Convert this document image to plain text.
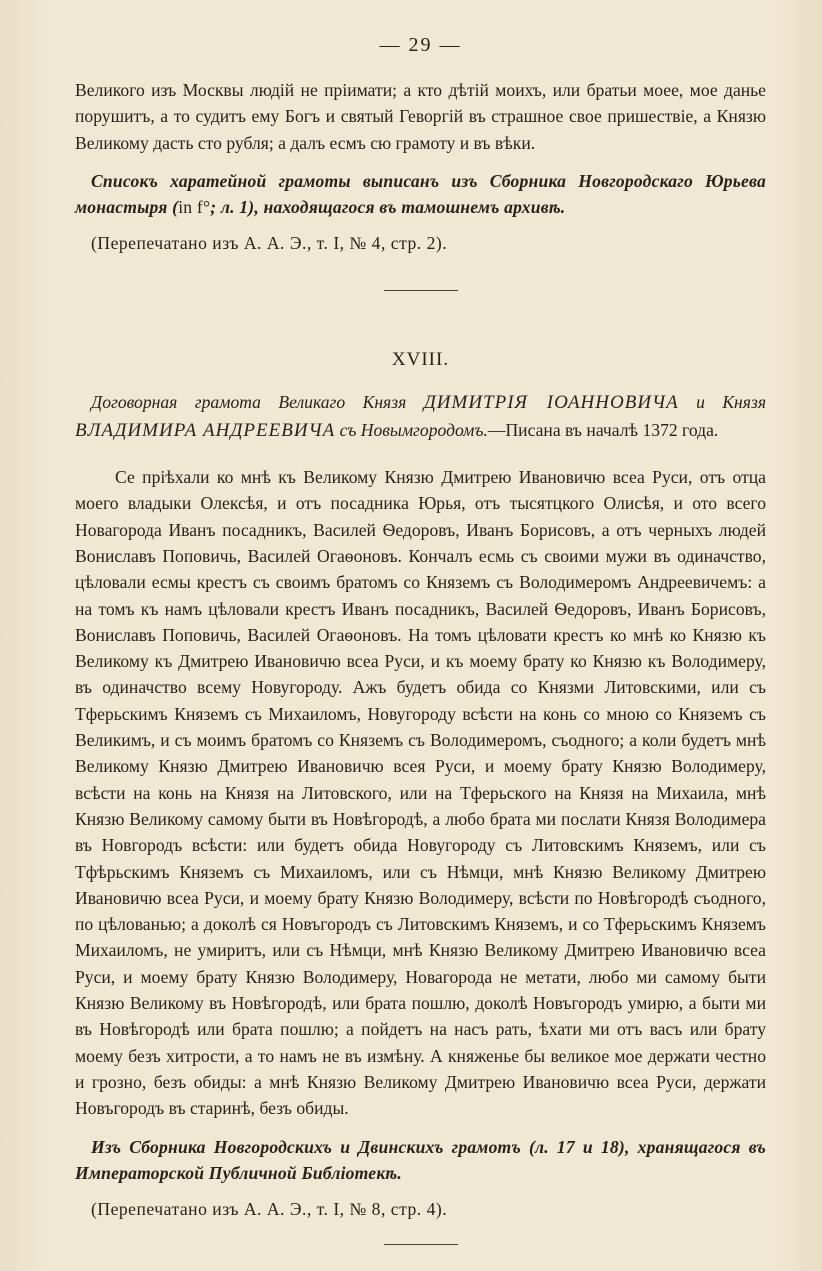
— 29 —

Великого изъ Москвы людій не пріимати; а кто дѣтій моихъ, или братьи моее, мое данье порушитъ, а то судитъ ему Богъ и святый Геворгій въ страшное свое пришествіе, а Князю Великому дасть сто рубля; а далъ есмъ сю грамоту и въ вѣки.

Списокъ харатейной грамоты выписанъ изъ Сборника Новгородскаго Юрьева монастыря (in f°; л. 1), находящагося въ тамошнемъ архивѣ.

(Перепечатано изъ А. А. Э., т. I, № 4, стр. 2).

XVIII.

Договорная грамота Великаго Князя ДИМИТРІЯ ІОАННОВИЧА и Князя ВЛАДИМИРА АНДРЕЕВИЧА съ Новымгородомъ.—Писана въ началѣ 1372 года.

Се пріѣхали ко мнѣ къ Великому Князю Дмитрею Ивановичю всеа Руси, отъ отца моего владыки Олексѣя, и отъ посадника Юрья, отъ тысятцкого Олисѣя, и ото всего Новагорода Иванъ посадникъ, Василей Ѳедоровъ, Иванъ Борисовъ, а отъ черныхъ людей Вониславъ Поповичь, Василей Огаѳоновъ. Кончалъ есмь съ своими мужи въ одиначство, цѣловали есмы крестъ съ своимъ братомъ со Княземъ съ Володимеромъ Андреевичемъ: а на томъ къ намъ цѣловали крестъ Иванъ посадникъ, Василей Ѳедоровъ, Иванъ Борисовъ, Вониславъ Поповичь, Василей Огаѳоновъ. На томъ цѣловати крестъ ко мнѣ ко Князю къ Великому къ Дмитрею Ивановичю всеа Руси, и къ моему брату ко Князю къ Володимеру, въ одиначство всему Новугороду. Ажъ будетъ обида со Князми Литовскими, или съ Тферьскимъ Княземъ съ Михаиломъ, Новугороду всѣсти на конь со мною со Княземъ съ Великимъ, и съ моимъ братомъ со Княземъ съ Володимеромъ, съодного; а коли будетъ мнѣ Великому Князю Дмитрею Ивановичю всея Руси, и моему брату Князю Володимеру, всѣсти на конь на Князя на Литовского, или на Тферьского на Князя на Михаила, мнѣ Князю Великому самому быти въ Новѣгородѣ, а любо брата ми послати Князя Володимера въ Новгородъ всѣсти: или будетъ обида Новугороду съ Литовскимъ Княземъ, или съ Тфѣрьскимъ Княземъ съ Михаиломъ, или съ Нѣмци, мнѣ Князю Великому Дмитрею Ивановичю всеа Руси, и моему брату Князю Володимеру, всѣсти по Новѣгородѣ съодного, по цѣлованью; а доколѣ ся Новъгородъ съ Литовскимъ Княземъ, и со Тферьскимъ Княземъ Михаиломъ, не умиритъ, или съ Нѣмци, мнѣ Князю Великому Дмитрею Ивановичю всеа Руси, и моему брату Князю Володимеру, Новагорода не метати, любо ми самому быти Князю Великому въ Новѣгородѣ, или брата пошлю, доколѣ Новъгородъ умирю, а быти ми въ Новѣгородѣ или брата пошлю; а пойдетъ на насъ рать, ѣхати ми отъ васъ или брату моему безъ хитрости, а то намъ не въ измѣну. А княженье бы великое мое держати честно и грозно, безъ обиды: а мнѣ Князю Великому Дмитрею Ивановичю всеа Руси, держати Новъгородъ въ старинѣ, безъ обиды.

Изъ Сборника Новгородскихъ и Двинскихъ грамотъ (л. 17 и 18), хранящагося въ Императорской Публичной Библіотекѣ.

(Перепечатано изъ А. А. Э., т. I, № 8, стр. 4).
